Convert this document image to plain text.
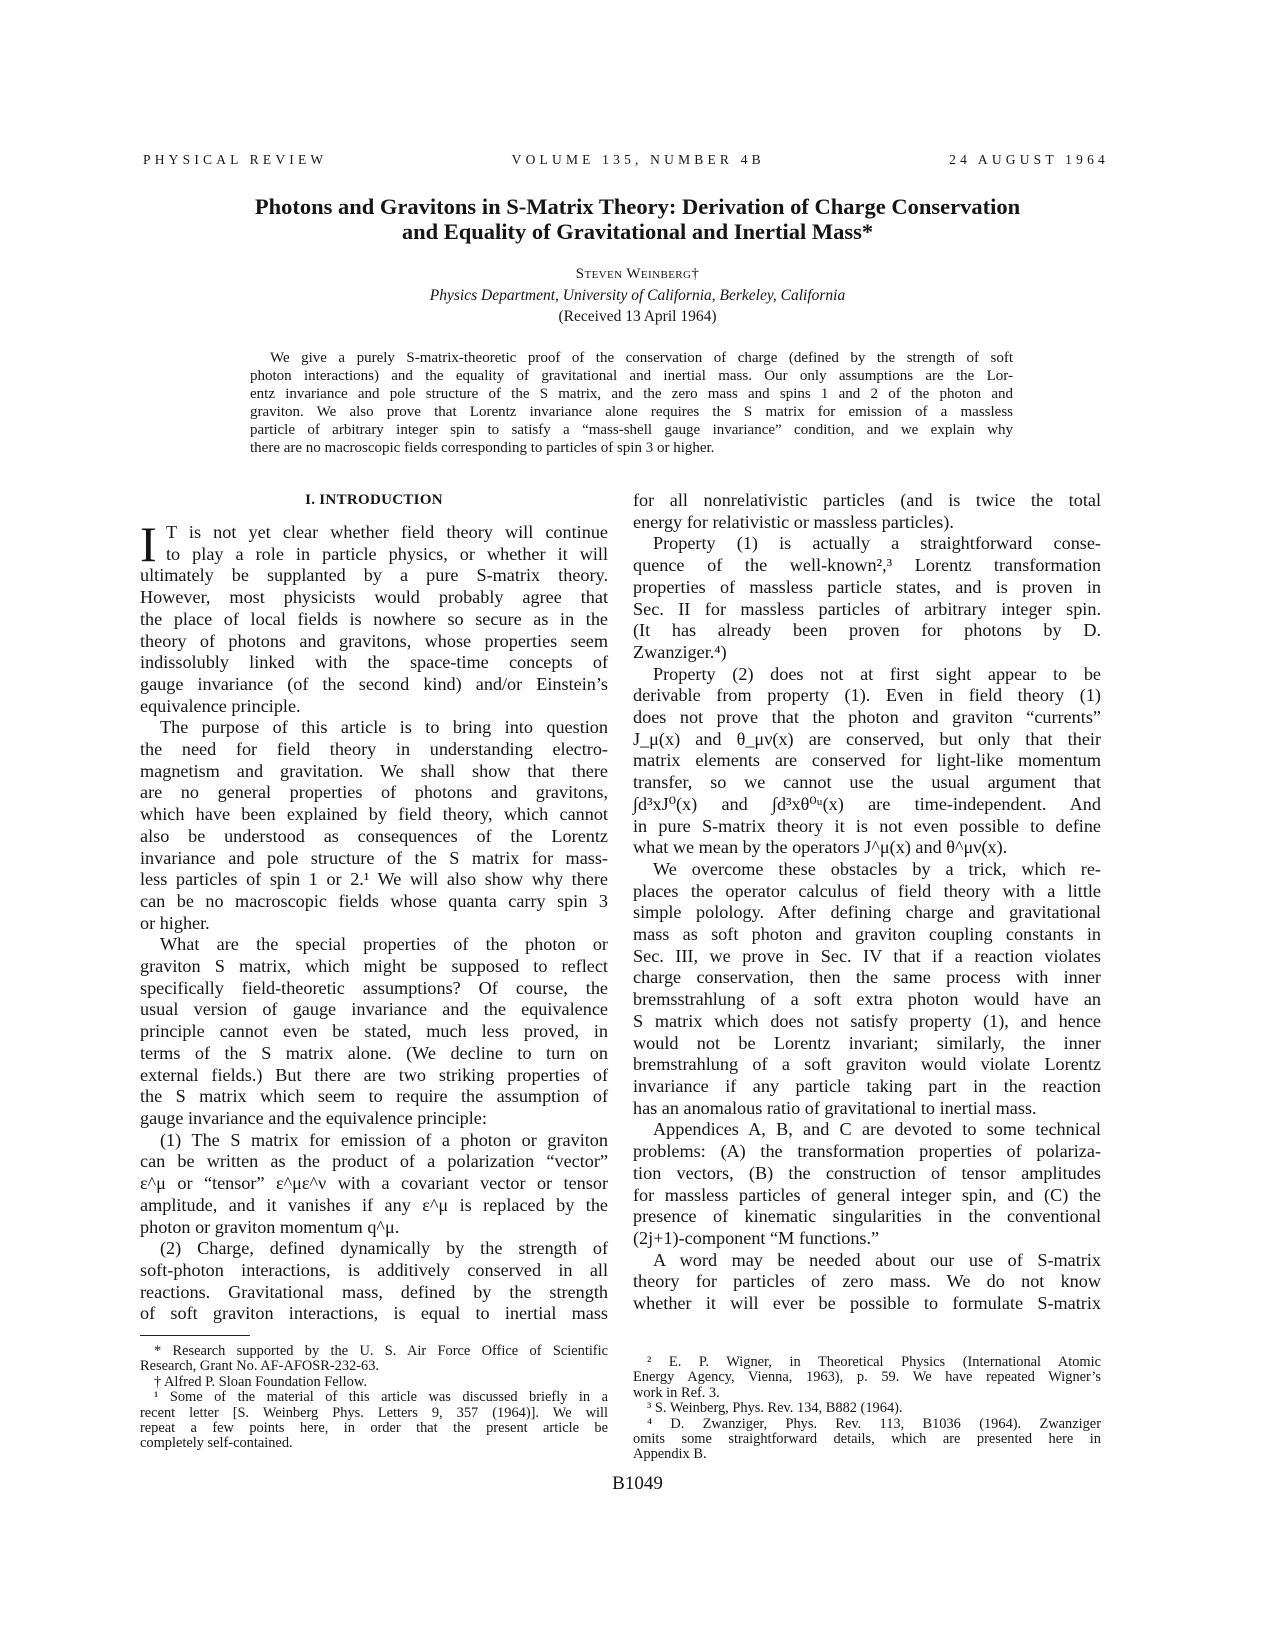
PHYSICAL REVIEW	VOLUME 135, NUMBER 4B	24 AUGUST 1964
Photons and Gravitons in S-Matrix Theory: Derivation of Charge Conservation
and Equality of Gravitational and Inertial Mass*
Steven Weinberg†
Physics Department, University of California, Berkeley, California
(Received 13 April 1964)
We give a purely S-matrix-theoretic proof of the conservation of charge (defined by the strength of soft
photon interactions) and the equality of gravitational and inertial mass. Our only assumptions are the Lor-
entz invariance and pole structure of the S matrix, and the zero mass and spins 1 and 2 of the photon and
graviton. We also prove that Lorentz invariance alone requires the S matrix for emission of a massless
particle of arbitrary integer spin to satisfy a “mass-shell gauge invariance” condition, and we explain why
there are no macroscopic fields corresponding to particles of spin 3 or higher.
I. INTRODUCTION
I T is not yet clear whether field theory will continue
to play a role in particle physics, or whether it will
ultimately be supplanted by a pure S-matrix theory.
However, most physicists would probably agree that
the place of local fields is nowhere so secure as in the
theory of photons and gravitons, whose properties seem
indissolubly linked with the space-time concepts of
gauge invariance (of the second kind) and/or Einstein’s
equivalence principle.
The purpose of this article is to bring into question
the need for field theory in understanding electro-
magnetism and gravitation. We shall show that there
are no general properties of photons and gravitons,
which have been explained by field theory, which cannot
also be understood as consequences of the Lorentz
invariance and pole structure of the S matrix for mass-
less particles of spin 1 or 2.¹ We will also show why there
can be no macroscopic fields whose quanta carry spin 3
or higher.
What are the special properties of the photon or
graviton S matrix, which might be supposed to reflect
specifically field-theoretic assumptions? Of course, the
usual version of gauge invariance and the equivalence
principle cannot even be stated, much less proved, in
terms of the S matrix alone. (We decline to turn on
external fields.) But there are two striking properties of
the S matrix which seem to require the assumption of
gauge invariance and the equivalence principle:
(1) The S matrix for emission of a photon or graviton
can be written as the product of a polarization “vector”
ε^μ or “tensor” ε^με^ν with a covariant vector or tensor
amplitude, and it vanishes if any ε^μ is replaced by the
photon or graviton momentum q^μ.
(2) Charge, defined dynamically by the strength of
soft-photon interactions, is additively conserved in all
reactions. Gravitational mass, defined by the strength
of soft graviton interactions, is equal to inertial mass
for all nonrelativistic particles (and is twice the total
energy for relativistic or massless particles).
Property (1) is actually a straightforward conse-
quence of the well-known²,³ Lorentz transformation
properties of massless particle states, and is proven in
Sec. II for massless particles of arbitrary integer spin.
(It has already been proven for photons by D.
Zwanziger.⁴)
Property (2) does not at first sight appear to be
derivable from property (1). Even in field theory (1)
does not prove that the photon and graviton “currents”
J_μ(x) and θ_μν(x) are conserved, but only that their
matrix elements are conserved for light-like momentum
transfer, so we cannot use the usual argument that
∫d³xJ⁰(x) and ∫d³xθ⁰ᵘ(x) are time-independent. And
in pure S-matrix theory it is not even possible to define
what we mean by the operators J^μ(x) and θ^μν(x).
We overcome these obstacles by a trick, which re-
places the operator calculus of field theory with a little
simple polology. After defining charge and gravitational
mass as soft photon and graviton coupling constants in
Sec. III, we prove in Sec. IV that if a reaction violates
charge conservation, then the same process with inner
bremsstrahlung of a soft extra photon would have an
S matrix which does not satisfy property (1), and hence
would not be Lorentz invariant; similarly, the inner
bremstrahlung of a soft graviton would violate Lorentz
invariance if any particle taking part in the reaction
has an anomalous ratio of gravitational to inertial mass.
Appendices A, B, and C are devoted to some technical
problems: (A) the transformation properties of polariza-
tion vectors, (B) the construction of tensor amplitudes
for massless particles of general integer spin, and (C) the
presence of kinematic singularities in the conventional
(2j+1)-component “M functions.”
A word may be needed about our use of S-matrix
theory for particles of zero mass. We do not know
whether it will ever be possible to formulate S-matrix
* Research supported by the U. S. Air Force Office of Scientific
Research, Grant No. AF-AFOSR-232-63.
† Alfred P. Sloan Foundation Fellow.
¹ Some of the material of this article was discussed briefly in a
recent letter [S. Weinberg Phys. Letters 9, 357 (1964)]. We will
repeat a few points here, in order that the present article be
completely self-contained.
² E. P. Wigner, in Theoretical Physics (International Atomic
Energy Agency, Vienna, 1963), p. 59. We have repeated Wigner’s
work in Ref. 3.
³ S. Weinberg, Phys. Rev. 134, B882 (1964).
⁴ D. Zwanziger, Phys. Rev. 113, B1036 (1964). Zwanziger
omits some straightforward details, which are presented here in
Appendix B.
B1049
